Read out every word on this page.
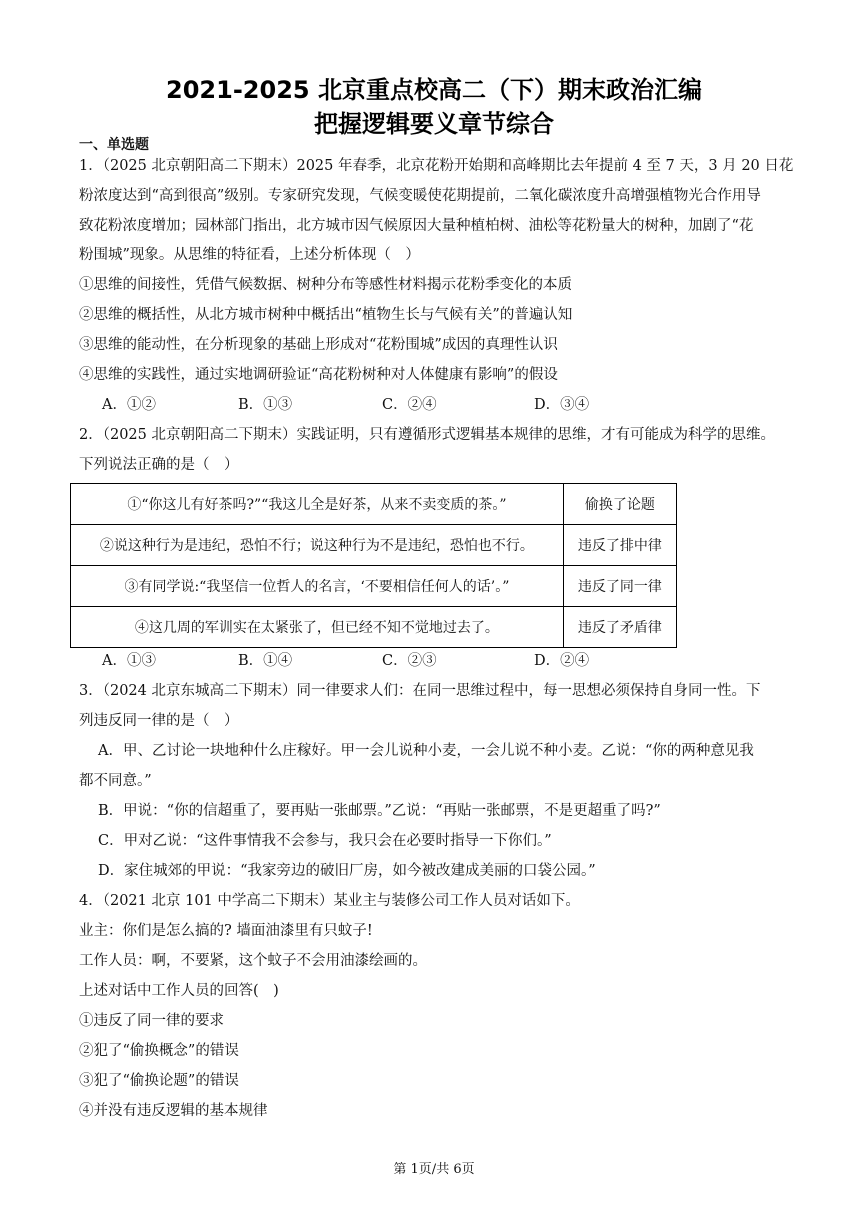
2021-2025 北京重点校高二（下）期末政治汇编
把握逻辑要义章节综合
一、单选题
1．（2025 北京朝阳高二下期末）2025 年春季，北京花粉开始期和高峰期比去年提前 4 至 7 天，3 月 20 日花
粉浓度达到“高到很高”级别。专家研究发现，气候变暖使花期提前，二氧化碳浓度升高增强植物光合作用导
致花粉浓度增加；园林部门指出，北方城市因气候原因大量种植柏树、油松等花粉量大的树种，加剧了“花
粉围城”现象。从思维的特征看，上述分析体现（　）
①思维的间接性，凭借气候数据、树种分布等感性材料揭示花粉季变化的本质
②思维的概括性，从北方城市树种中概括出“植物生长与气候有关”的普遍认知
③思维的能动性，在分析现象的基础上形成对“花粉围城”成因的真理性认识
④思维的实践性，通过实地调研验证“高花粉树种对人体健康有影响”的假设
A．①②	B．①③	C．②④	D．③④
2．（2025 北京朝阳高二下期末）实践证明，只有遵循形式逻辑基本规律的思维，才有可能成为科学的思维。
下列说法正确的是（　）
①“你这儿有好茶吗?”“我这儿全是好茶，从来不卖变质的茶。”	偷换了论题
②说这种行为是违纪，恐怕不行；说这种行为不是违纪，恐怕也不行。	违反了排中律
③有同学说:“我坚信一位哲人的名言，‘不要相信任何人的话’。”	违反了同一律
④这几周的军训实在太紧张了，但已经不知不觉地过去了。	违反了矛盾律
A．①③	B．①④	C．②③	D．②④
3．（2024 北京东城高二下期末）同一律要求人们：在同一思维过程中，每一思想必须保持自身同一性。下
列违反同一律的是（　）
A．甲、乙讨论一块地种什么庄稼好。甲一会儿说种小麦，一会儿说不种小麦。乙说：“你的两种意见我
都不同意。”
B．甲说：“你的信超重了，要再贴一张邮票。”乙说：“再贴一张邮票，不是更超重了吗?”
C．甲对乙说：“这件事情我不会参与，我只会在必要时指导一下你们。”
D．家住城郊的甲说：“我家旁边的破旧厂房，如今被改建成美丽的口袋公园。”
4．（2021 北京 101 中学高二下期末）某业主与装修公司工作人员对话如下。
业主：你们是怎么搞的? 墙面油漆里有只蚊子!
工作人员：啊，不要紧，这个蚊子不会用油漆绘画的。
上述对话中工作人员的回答(　)
①违反了同一律的要求
②犯了“偷换概念”的错误
③犯了“偷换论题”的错误
④并没有违反逻辑的基本规律
第 1页/共 6页
